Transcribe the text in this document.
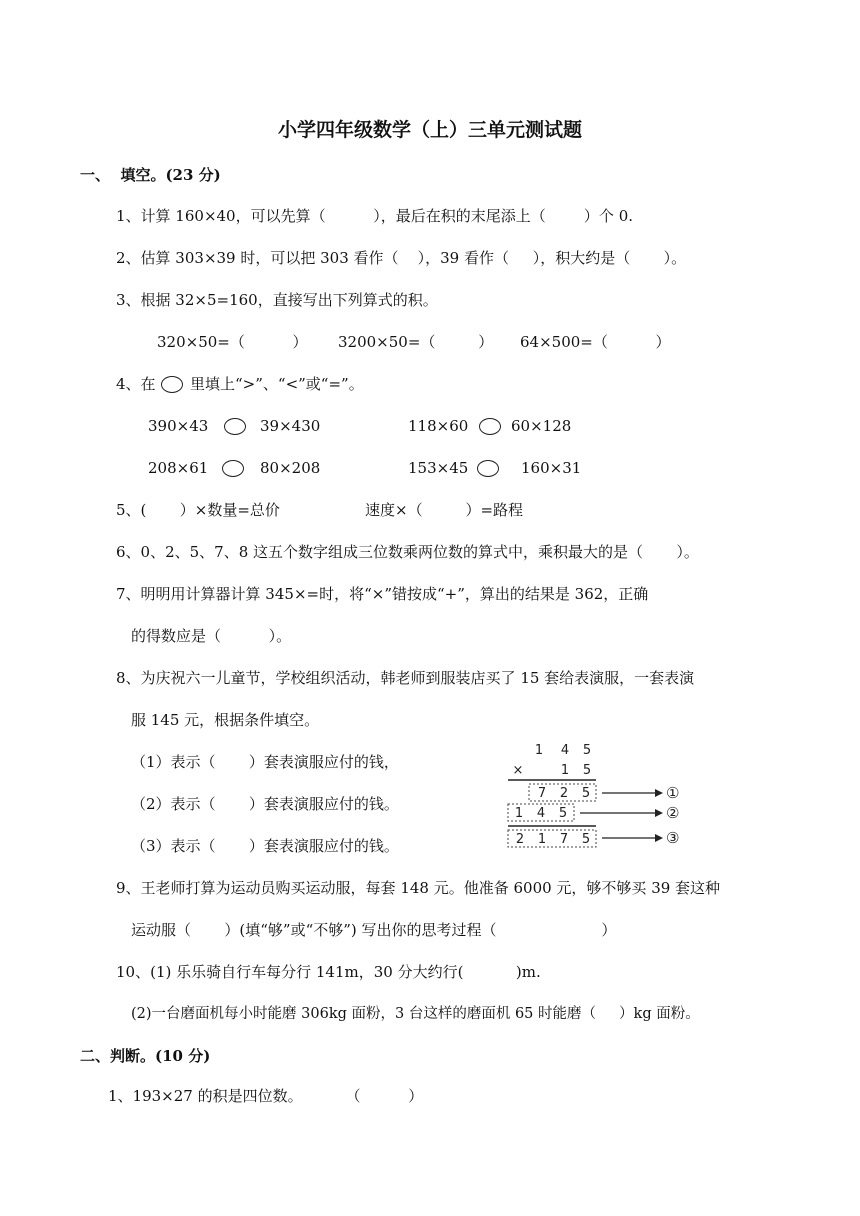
小学四年级数学（上）三单元测试题
一、  填空。(23 分)
1、计算 160×40，可以先算（          ），最后在积的末尾添上（        ）个 0.
2、估算 303×39 时，可以把 303 看作（    ），39 看作（     ），积大约是（       ）。
3、根据 32×5=160，直接写出下列算式的积。
320×50=（          ） 3200×50=（         ） 64×500=（          ）
4、在 里填上“>”、“<”或“=”。
390×43	39×430	118×60	60×128
208×61	80×208	153×45	160×31
5、(       ）×数量=总价	速度×（         ）=路程
6、0、2、5、7、8 这五个数字组成三位数乘两位数的算式中，乘积最大的是（       ）。
7、明明用计算器计算 345×=时，将“×”错按成“+”，算出的结果是 362，正确
的得数应是（          ）。
8、为庆祝六一儿童节，学校组织活动，韩老师到服装店买了 15 套给表演服，一套表演
服 145 元，根据条件填空。
（1）表示（       ）套表演服应付的钱，
（2）表示（       ）套表演服应付的钱。
（3）表示（       ）套表演服应付的钱。
1 4 5
×	1 5
7 2 5
1 4 5
2 1 7 5
①
②
③
9、王老师打算为运动员购买运动服，每套 148 元。他准备 6000 元，够不够买 39 套这种
运动服（       ）(填“够”或“不够”) 写出你的思考过程（                      ）
10、(1) 乐乐骑自行车每分行 141m，30 分大约行(           )m.
(2)一台磨面机每小时能磨 306kg 面粉，3 台这样的磨面机 65 时能磨（     ）kg 面粉。
二、判断。(10 分)
1、193×27 的积是四位数。         （          ）
